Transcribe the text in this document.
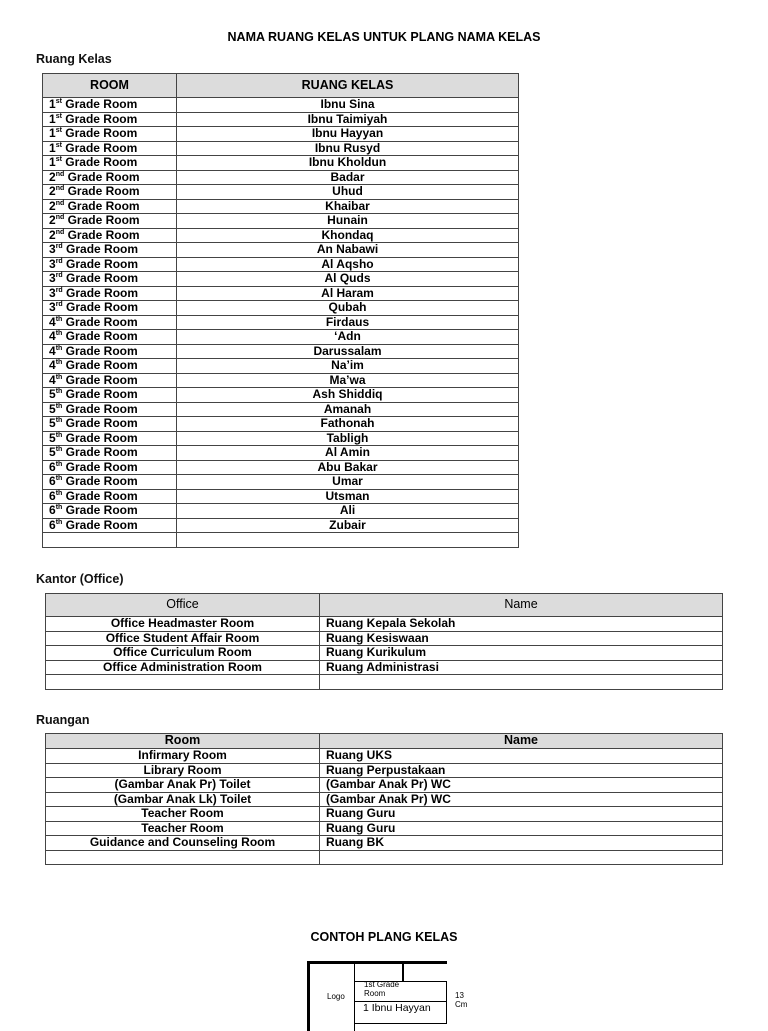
NAMA RUANG KELAS UNTUK PLANG NAMA KELAS
Ruang Kelas
ROOM	RUANG KELAS
1st Grade Room	Ibnu Sina
1st Grade Room	Ibnu Taimiyah
1st Grade Room	Ibnu Hayyan
1st Grade Room	Ibnu Rusyd
1st Grade Room	Ibnu Kholdun
2nd Grade Room	Badar
2nd Grade Room	Uhud
2nd Grade Room	Khaibar
2nd Grade Room	Hunain
2nd Grade Room	Khondaq
3rd Grade Room	An Nabawi
3rd Grade Room	Al Aqsho
3rd Grade Room	Al Quds
3rd Grade Room	Al Haram
3rd Grade Room	Qubah
4th Grade Room	Firdaus
4th Grade Room	‘Adn
4th Grade Room	Darussalam
4th Grade Room	Na’im
4th Grade Room	Ma’wa
5th Grade Room	Ash Shiddiq
5th Grade Room	Amanah
5th Grade Room	Fathonah
5th Grade Room	Tabligh
5th Grade Room	Al Amin
6th Grade Room	Abu Bakar
6th Grade Room	Umar
6th Grade Room	Utsman
6th Grade Room	Ali
6th Grade Room	Zubair

Kantor (Office)
Office	Name
Office Headmaster Room	Ruang Kepala Sekolah
Office Student Affair Room	Ruang Kesiswaan
Office Curriculum Room	Ruang Kurikulum
Office Administration Room	Ruang Administrasi

Ruangan
Room	Name
Infirmary Room	Ruang UKS
Library Room	Ruang Perpustakaan
(Gambar Anak Pr) Toilet	(Gambar Anak Pr) WC
(Gambar Anak Lk) Toilet	(Gambar Anak Pr) WC
Teacher Room	Ruang Guru
Teacher Room	Ruang Guru
Guidance and Counseling Room	Ruang BK

CONTOH PLANG KELAS
Logo
1st Grade Room
1 Ibnu Hayyan
13 Cm
